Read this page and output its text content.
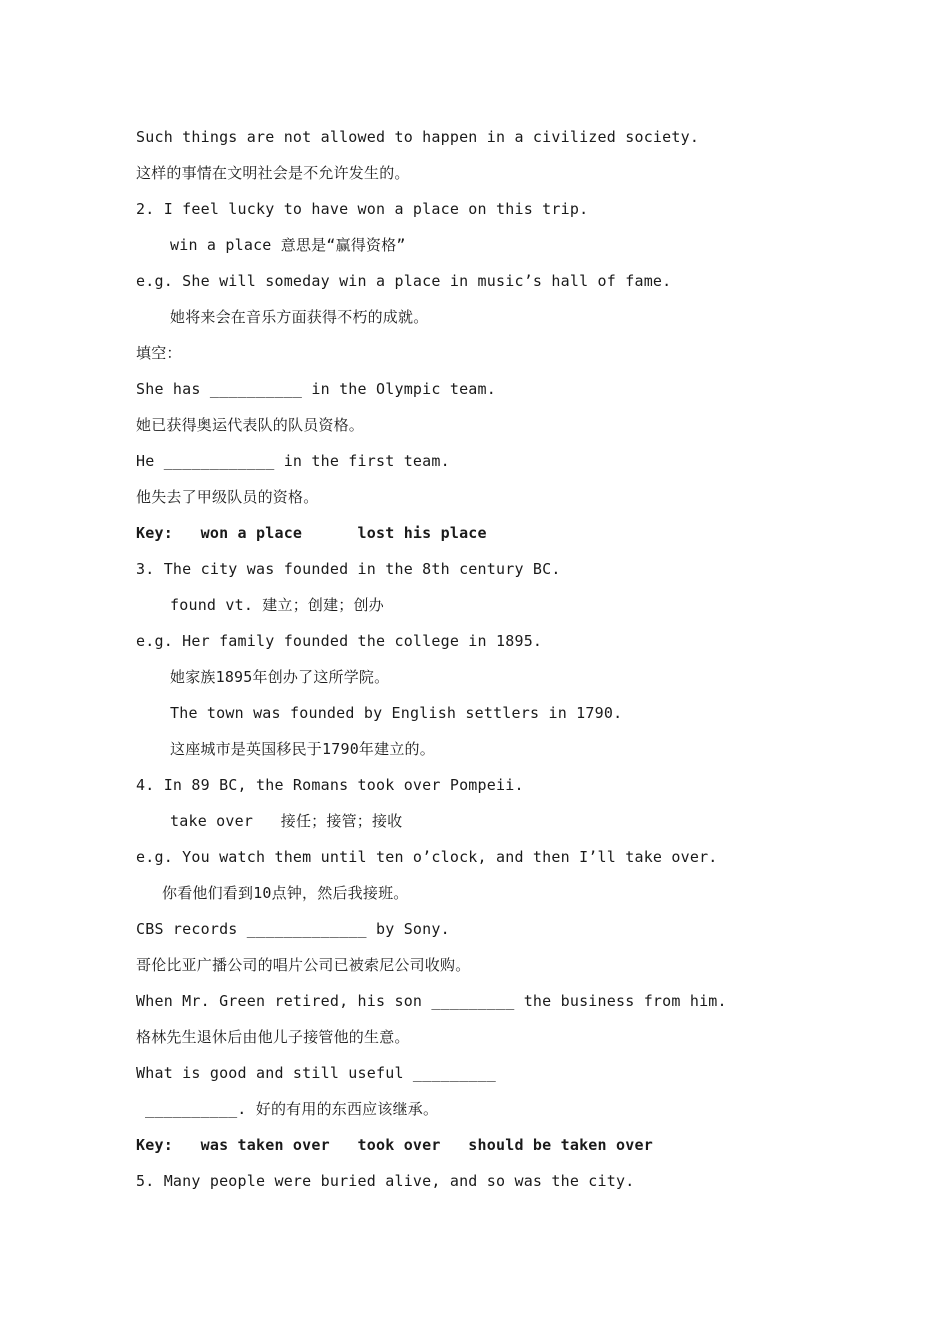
Such things are not allowed to happen in a civilized society.
这样的事情在文明社会是不允许发生的。
2. I feel lucky to have won a place on this trip.
win a place 意思是“赢得资格”
e.g. She will someday win a place in music’s hall of fame.
她将来会在音乐方面获得不朽的成就。
填空：
She has __________ in the Olympic team.
她已获得奥运代表队的队员资格。
He ____________ in the first team.
他失去了甲级队员的资格。
Key:   won a place      lost his place
3. The city was founded in the 8th century BC.
found vt. 建立；创建；创办
e.g. Her family founded the college in 1895.
她家族1895年创办了这所学院。
The town was founded by English settlers in 1790.
这座城市是英国移民于1790年建立的。
4. In 89 BC, the Romans took over Pompeii.
take over   接任；接管；接收
e.g. You watch them until ten o’clock, and then I’ll take over.
你看他们看到10点钟，然后我接班。
CBS records _____________ by Sony.
哥伦比亚广播公司的唱片公司已被索尼公司收购。
When Mr. Green retired, his son _________ the business from him.
格林先生退休后由他儿子接管他的生意。
What is good and still useful _________
__________. 好的有用的东西应该继承。
Key:   was taken over   took over   should be taken over
5. Many people were buried alive, and so was the city.
